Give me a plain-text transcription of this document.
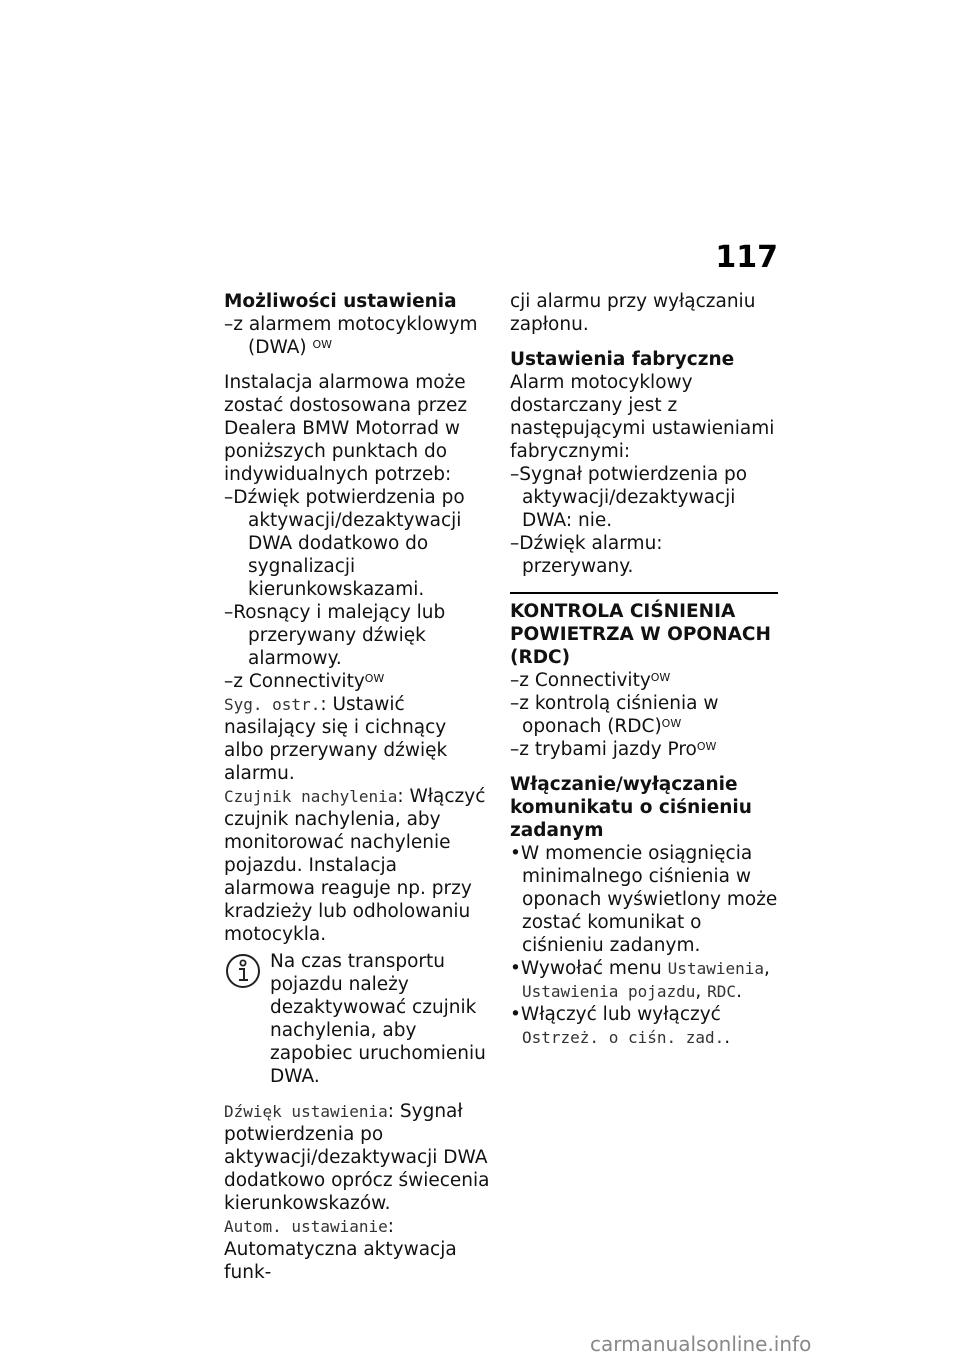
117

Możliwości ustawienia

–z alarmem motocyklowym (DWA) $^{OW}$

Instalacja alarmowa może zostać dostosowana przez Dealera BMW Motorrad w poniższych punktach do indywidualnych potrzeb:

–Dźwięk potwierdzenia po aktywacji/dezaktywacji DWA dodatkowo do sygnalizacji kierunkowskazami.

–Rosnący i malejący lub przerywany dźwięk alarmowy.

–z Connectivity$^{OW}$

Syg. ostr.: Ustawić nasilający się i cichnący albo przerywany dźwięk alarmu.

Czujnik nachylenia: Włączyć czujnik nachylenia, aby monitorować nachylenie pojazdu. Instalacja alarmowa reaguje np. przy kradzieży lub odholowaniu motocykla.

Na czas transportu pojazdu należy dezaktywować czujnik nachylenia, aby zapobiec uruchomieniu DWA.

Dźwięk ustawienia: Sygnał potwierdzenia po aktywacji/dezaktywacji DWA dodatkowo oprócz świecenia kierunkowskazów.

Autom. ustawianie: Automatyczna aktywacja funk-

cji alarmu przy wyłączaniu zapłonu.

Ustawienia fabryczne

Alarm motocyklowy dostarczany jest z następującymi ustawieniami fabrycznymi:

–Sygnał potwierdzenia po aktywacji/dezaktywacji DWA: nie.

–Dźwięk alarmu: przerywany.

KONTROLA CIŚNIENIA POWIETRZA W OPONACH (RDC)

–z Connectivity$^{OW}$

–z kontrolą ciśnienia w oponach (RDC)$^{OW}$

–z trybami jazdy Pro$^{OW}$

Włączanie/wyłączanie komunikatu o ciśnieniu zadanym

•W momencie osiągnięcia minimalnego ciśnienia w oponach wyświetlony może zostać komunikat o ciśnieniu zadanym.

•Wywołać menu Ustawienia, Ustawienia pojazdu, RDC.

•Włączyć lub wyłączyć Ostrzeż. o ciśn. zad..

carmanualsonline.info
